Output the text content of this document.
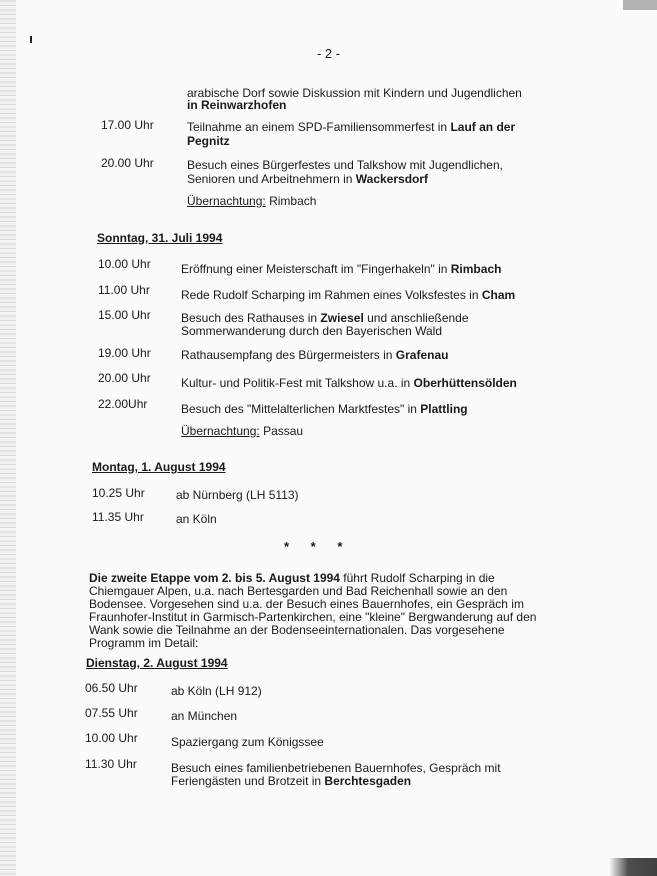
- 2 -
arabische Dorf sowie Diskussion mit Kindern und Jugendlichen
in Reinwarzhofen
17.00 Uhr	Teilnahme an einem SPD-Familiensommerfest in Lauf an der
Pegnitz
20.00 Uhr	Besuch eines Bürgerfestes und Talkshow mit Jugendlichen,
Senioren und Arbeitnehmern in Wackersdorf
Übernachtung: Rimbach
Sonntag, 31. Juli 1994
10.00 Uhr	Eröffnung einer Meisterschaft im "Fingerhakeln" in Rimbach
11.00 Uhr	Rede Rudolf Scharping im Rahmen eines Volksfestes in Cham
15.00 Uhr	Besuch des Rathauses in Zwiesel und anschließende
Sommerwanderung durch den Bayerischen Wald
19.00 Uhr	Rathausempfang des Bürgermeisters in Grafenau
20.00 Uhr	Kultur- und Politik-Fest mit Talkshow u.a. in Oberhüttensölden
22.00Uhr	Besuch des "Mittelalterlichen Marktfestes" in Plattling
Übernachtung: Passau
Montag, 1. August 1994
10.25 Uhr	ab Nürnberg (LH 5113)
11.35 Uhr	an Köln
* * *
Die zweite Etappe vom 2. bis 5. August 1994 führt Rudolf Scharping in die
Chiemgauer Alpen, u.a. nach Bertesgarden und Bad Reichenhall sowie an den
Bodensee. Vorgesehen sind u.a. der Besuch eines Bauernhofes, ein Gespräch im
Fraunhofer-Institut in Garmisch-Partenkirchen, eine "kleine" Bergwanderung auf den
Wank sowie die Teilnahme an der Bodenseeinternationalen. Das vorgesehene
Programm im Detail:
Dienstag, 2. August 1994
06.50 Uhr	ab Köln (LH 912)
07.55 Uhr	an München
10.00 Uhr	Spaziergang zum Königssee
11.30 Uhr	Besuch eines familienbetriebenen Bauernhofes, Gespräch mit
Feriengästen und Brotzeit in Berchtesgaden
